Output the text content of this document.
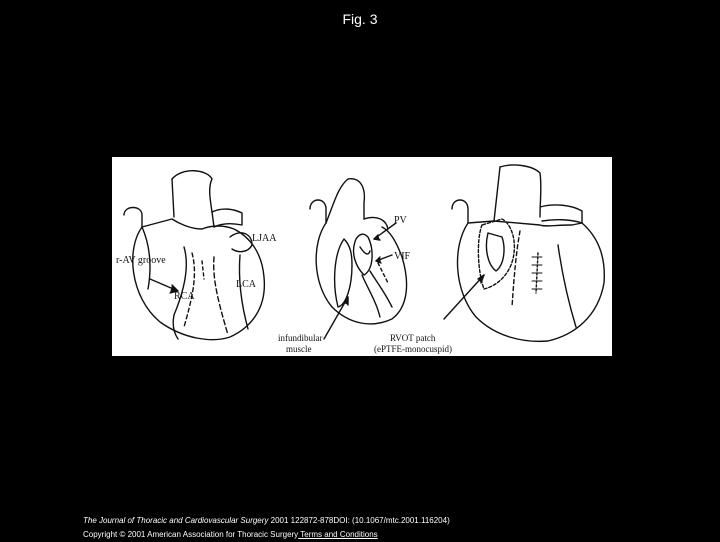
Fig. 3
r-AV groove
RCA
LJAA
LCA
PV
VIF
infundibular
muscle
RVOT patch
(ePTFE-monocuspid)
The Journal of Thoracic and Cardiovascular Surgery 2001 122872-878DOI: (10.1067/mtc.2001.116204)
Copyright © 2001 American Association for Thoracic Surgery Terms and Conditions
